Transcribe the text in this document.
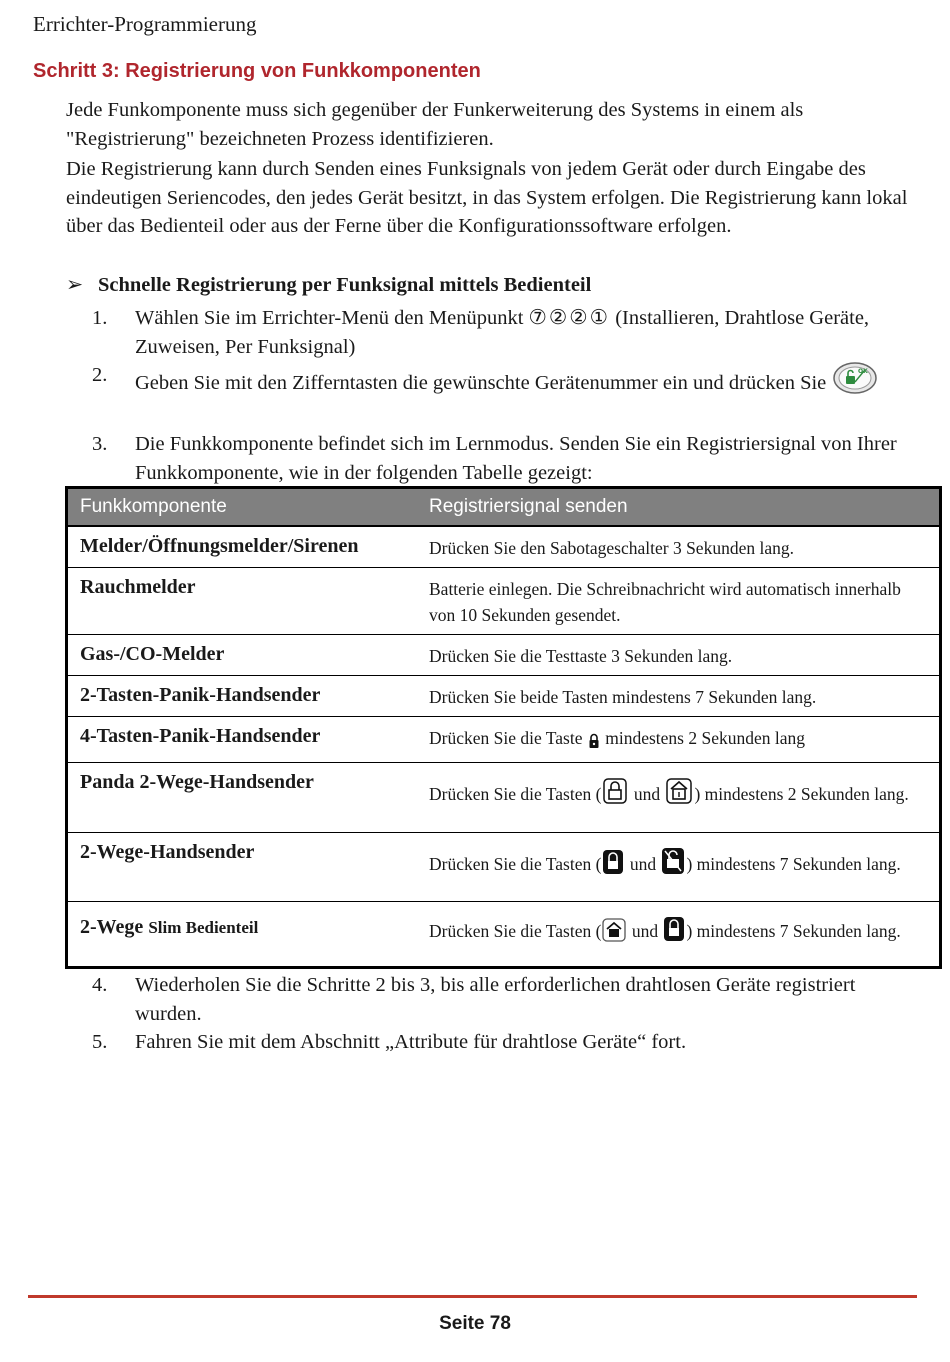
Errichter-Programmierung
Schritt 3: Registrierung von Funkkomponenten
Jede Funkomponente muss sich gegenüber der Funkerweiterung des Systems in einem als "Registrierung" bezeichneten Prozess identifizieren.
Die Registrierung kann durch Senden eines Funksignals von jedem Gerät oder durch Eingabe des eindeutigen Seriencodes, den jedes Gerät besitzt, in das System erfolgen. Die Registrierung kann lokal über das Bedienteil oder aus der Ferne über die Konfigurationssoftware erfolgen.
➢ Schnelle Registrierung per Funksignal mittels Bedienteil
1.	Wählen Sie im Errichter-Menü den Menüpunkt ⑦②②① (Installieren, Drahtlose Geräte, Zuweisen, Per Funksignal)
2.	Geben Sie mit den Zifferntasten die gewünschte Gerätenummer ein und drücken Sie
OK
3.	Die Funkkomponente befindet sich im Lernmodus. Senden Sie ein Registriersignal von Ihrer Funkkomponente, wie in der folgenden Tabelle gezeigt:
Funkkomponente	Registriersignal senden
Melder/Öffnungsmelder/Sirenen	Drücken Sie den Sabotageschalter 3 Sekunden lang.
Rauchmelder	Batterie einlegen. Die Schreibnachricht wird automatisch innerhalb von 10 Sekunden gesendet.
Gas-/CO-Melder	Drücken Sie die Testtaste 3 Sekunden lang.
2-Tasten-Panik-Handsender	Drücken Sie beide Tasten mindestens 7 Sekunden lang.
4-Tasten-Panik-Handsender	Drücken Sie die Taste mindestens 2 Sekunden lang
Panda 2-Wege-Handsender	Drücken Sie die Tasten ( und ) mindestens 2 Sekunden lang.
2-Wege-Handsender	Drücken Sie die Tasten ( und ) mindestens 7 Sekunden lang.
2-Wege Slim Bedienteil	Drücken Sie die Tasten ( und ) mindestens 7 Sekunden lang.
4.	Wiederholen Sie die Schritte 2 bis 3, bis alle erforderlichen drahtlosen Geräte registriert wurden.
5.	Fahren Sie mit dem Abschnitt „Attribute für drahtlose Geräte“ fort.
Seite 78
